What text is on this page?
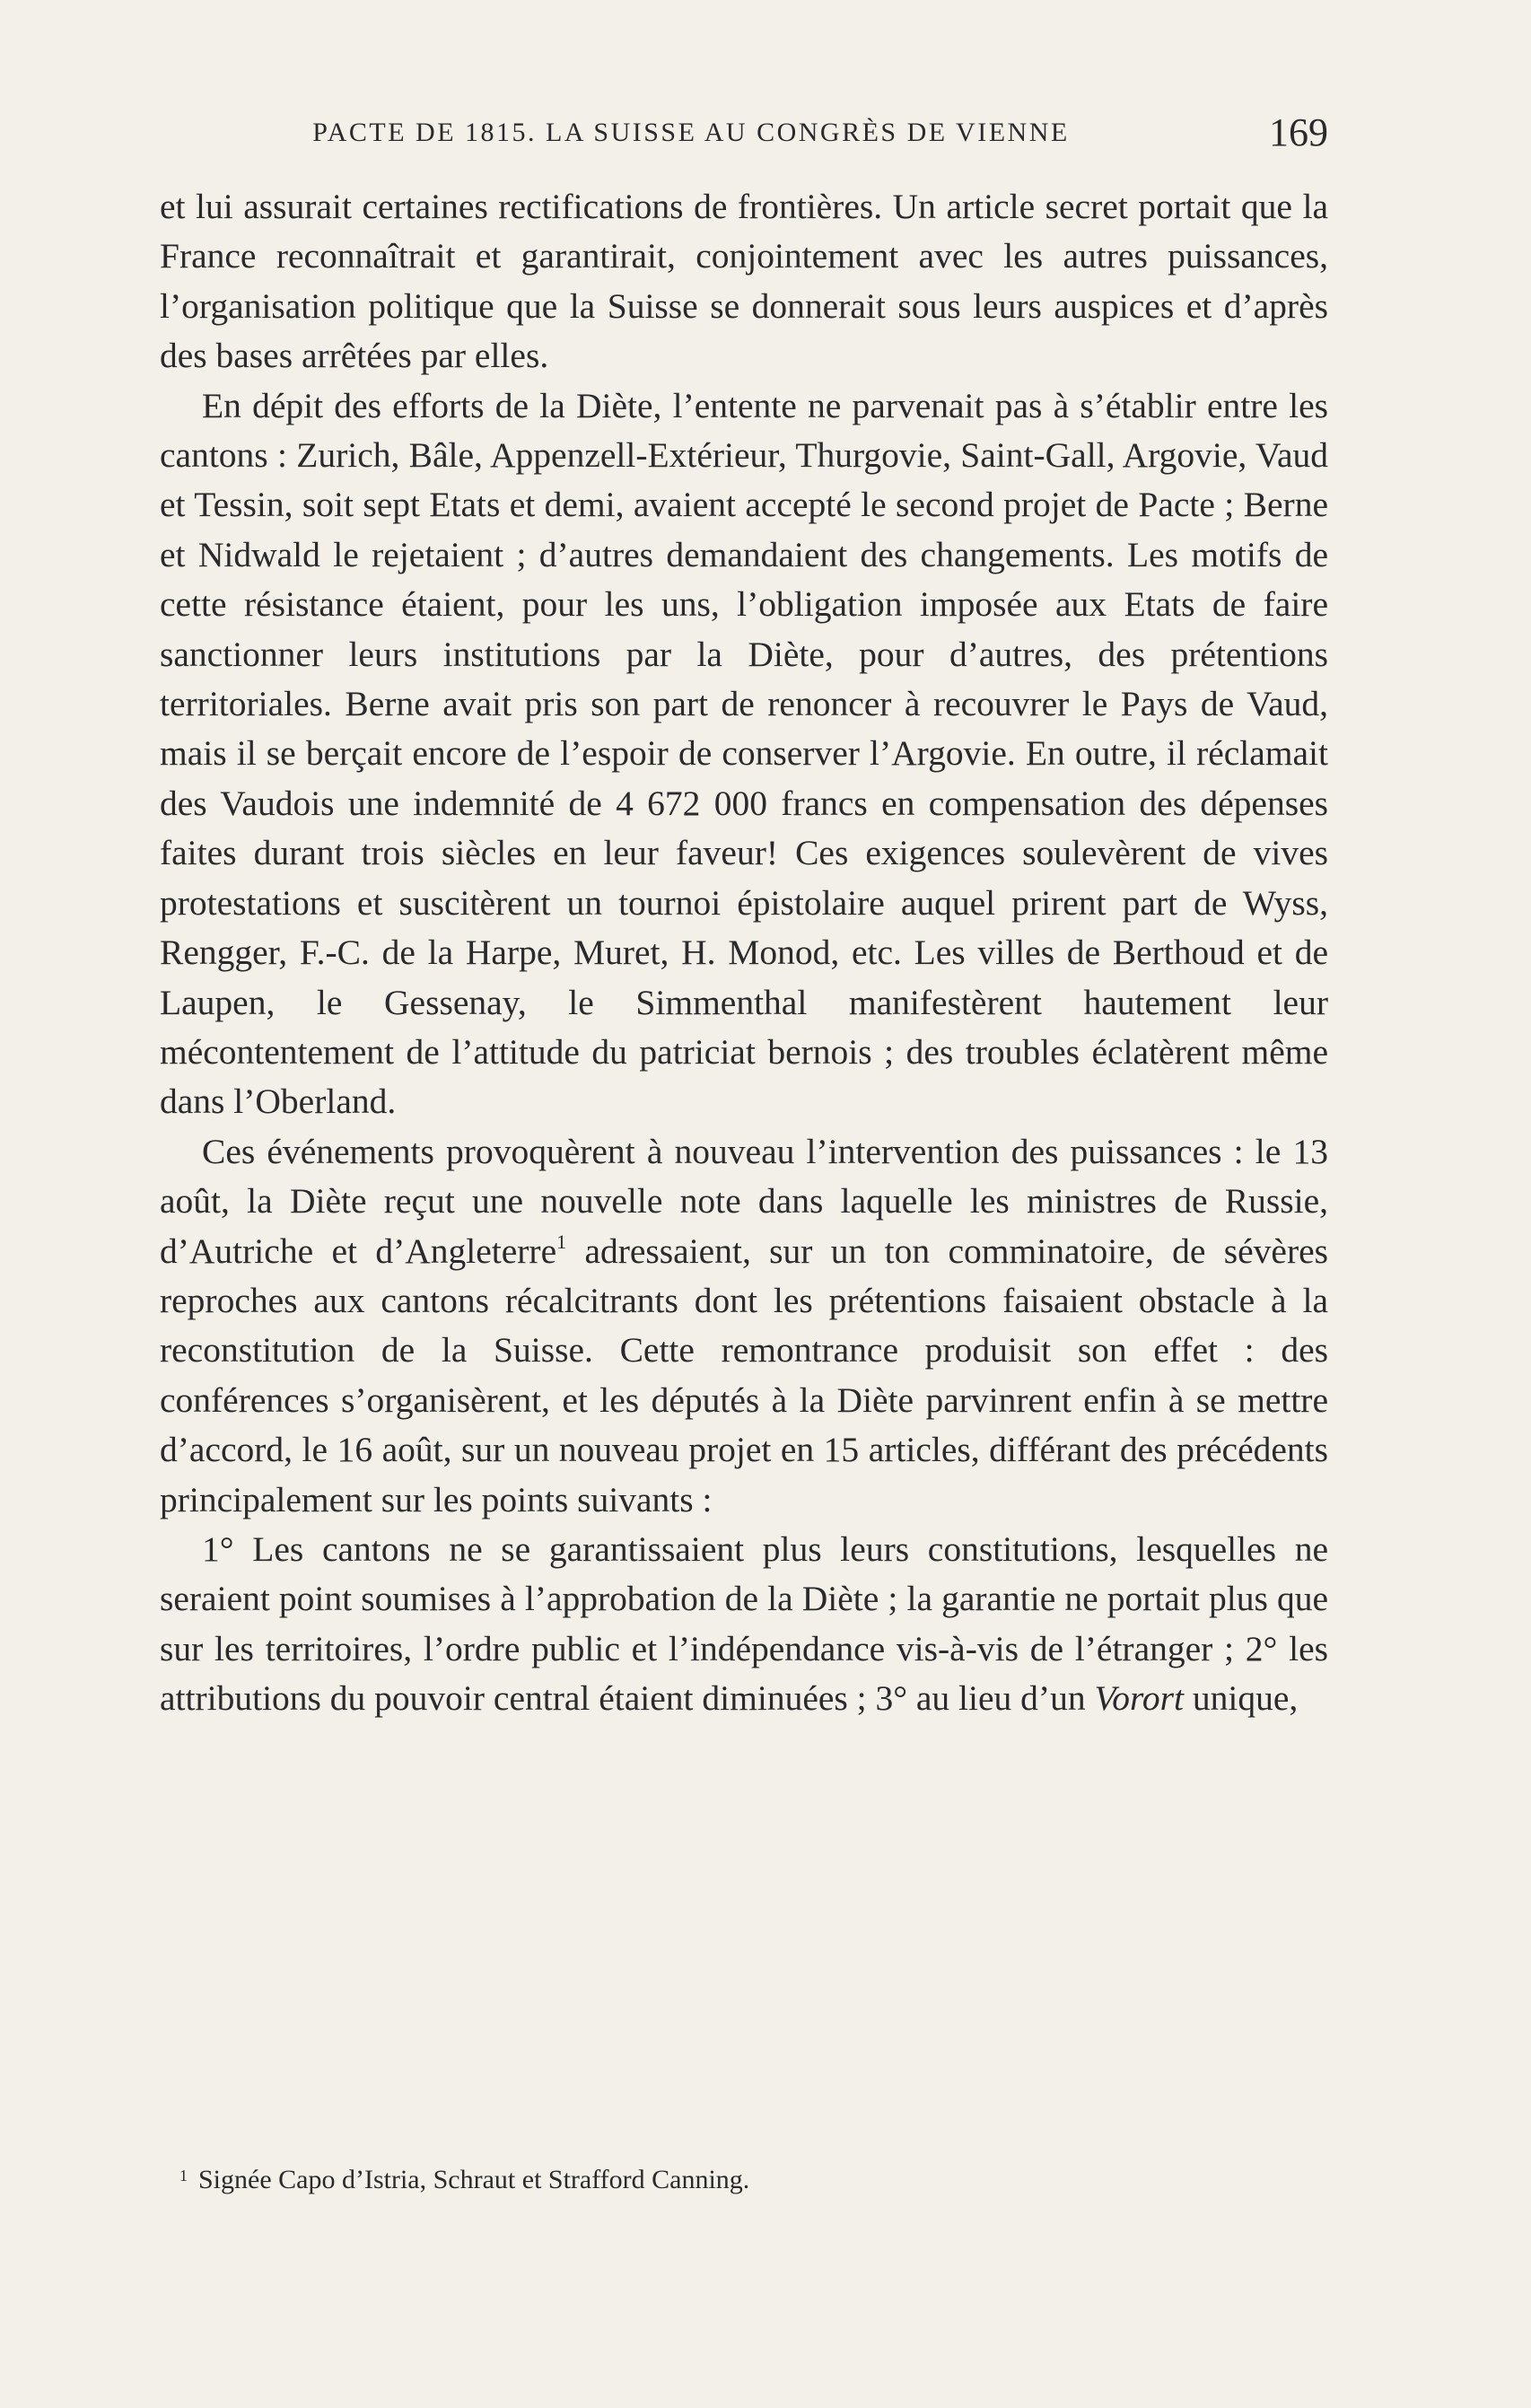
PACTE DE 1815. LA SUISSE AU CONGRÈS DE VIENNE	169

et lui assurait certaines rectifications de frontières. Un article secret portait que la France reconnaîtrait et garantirait, conjointement avec les autres puissances, l’organisation politique que la Suisse se donnerait sous leurs auspices et d’après des bases arrêtées par elles.

En dépit des efforts de la Diète, l’entente ne parvenait pas à s’établir entre les cantons : Zurich, Bâle, Appenzell-Extérieur, Thurgovie, Saint-Gall, Argovie, Vaud et Tessin, soit sept Etats et demi, avaient accepté le second projet de Pacte ; Berne et Nidwald le rejetaient ; d’autres demandaient des changements. Les motifs de cette résistance étaient, pour les uns, l’obligation imposée aux Etats de faire sanctionner leurs institutions par la Diète, pour d’autres, des prétentions territoriales. Berne avait pris son part de renoncer à recouvrer le Pays de Vaud, mais il se berçait encore de l’espoir de conserver l’Argovie. En outre, il réclamait des Vaudois une indemnité de 4 672 000 francs en compensation des dépenses faites durant trois siècles en leur faveur! Ces exigences soulevèrent de vives protestations et suscitèrent un tournoi épistolaire auquel prirent part de Wyss, Rengger, F.-C. de la Harpe, Muret, H. Monod, etc. Les villes de Berthoud et de Laupen, le Gessenay, le Simmenthal manifestèrent hautement leur mécontentement de l’attitude du patriciat bernois ; des troubles éclatèrent même dans l’Oberland.

Ces événements provoquèrent à nouveau l’intervention des puissances : le 13 août, la Diète reçut une nouvelle note dans laquelle les ministres de Russie, d’Autriche et d’Angleterre$^1$ adressaient, sur un ton comminatoire, de sévères reproches aux cantons récalcitrants dont les prétentions faisaient obstacle à la reconstitution de la Suisse. Cette remontrance produisit son effet : des conférences s’organisèrent, et les députés à la Diète parvinrent enfin à se mettre d’accord, le 16 août, sur un nouveau projet en 15 articles, différant des précédents principalement sur les points suivants :

1° Les cantons ne se garantissaient plus leurs constitutions, lesquelles ne seraient point soumises à l’approbation de la Diète ; la garantie ne portait plus que sur les territoires, l’ordre public et l’indépendance vis-à-vis de l’étranger ; 2° les attributions du pouvoir central étaient diminuées ; 3° au lieu d’un Vorort unique,

$^1$ Signée Capo d’Istria, Schraut et Strafford Canning.
